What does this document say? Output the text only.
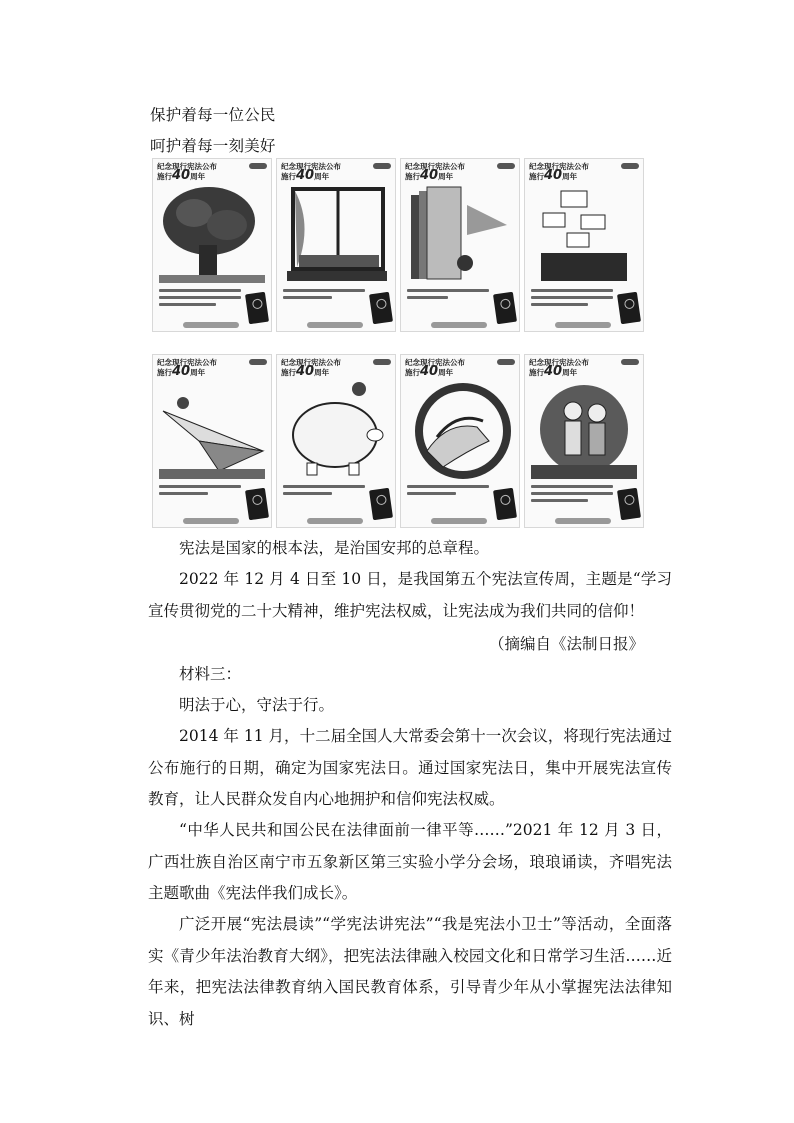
保护着每一位公民
呵护着每一刻美好
纪念现行宪法公布
施行40周年
纪念现行宪法公布
施行40周年
纪念现行宪法公布
施行40周年
纪念现行宪法公布
施行40周年
纪念现行宪法公布
施行40周年
纪念现行宪法公布
施行40周年
纪念现行宪法公布
施行40周年
纪念现行宪法公布
施行40周年
宪法是国家的根本法，是治国安邦的总章程。
2022 年 12 月 4 日至 10 日，是我国第五个宪法宣传周，主题是“学习宣传贯彻党的二十大精神，维护宪法权威，让宪法成为我们共同的信仰！
（摘编自《法制日报》
材料三：
明法于心，守法于行。
2014 年 11 月，十二届全国人大常委会第十一次会议，将现行宪法通过公布施行的日期，确定为国家宪法日。通过国家宪法日，集中开展宪法宣传教育，让人民群众发自内心地拥护和信仰宪法权威。
“中华人民共和国公民在法律面前一律平等……”2021 年 12 月 3 日，广西壮族自治区南宁市五象新区第三实验小学分会场，琅琅诵读，齐唱宪法主题歌曲《宪法伴我们成长》。
广泛开展“宪法晨读”“学宪法讲宪法”“我是宪法小卫士”等活动，全面落实《青少年法治教育大纲》，把宪法法律融入校园文化和日常学习生活……近年来，把宪法法律教育纳入国民教育体系，引导青少年从小掌握宪法法律知识、树
